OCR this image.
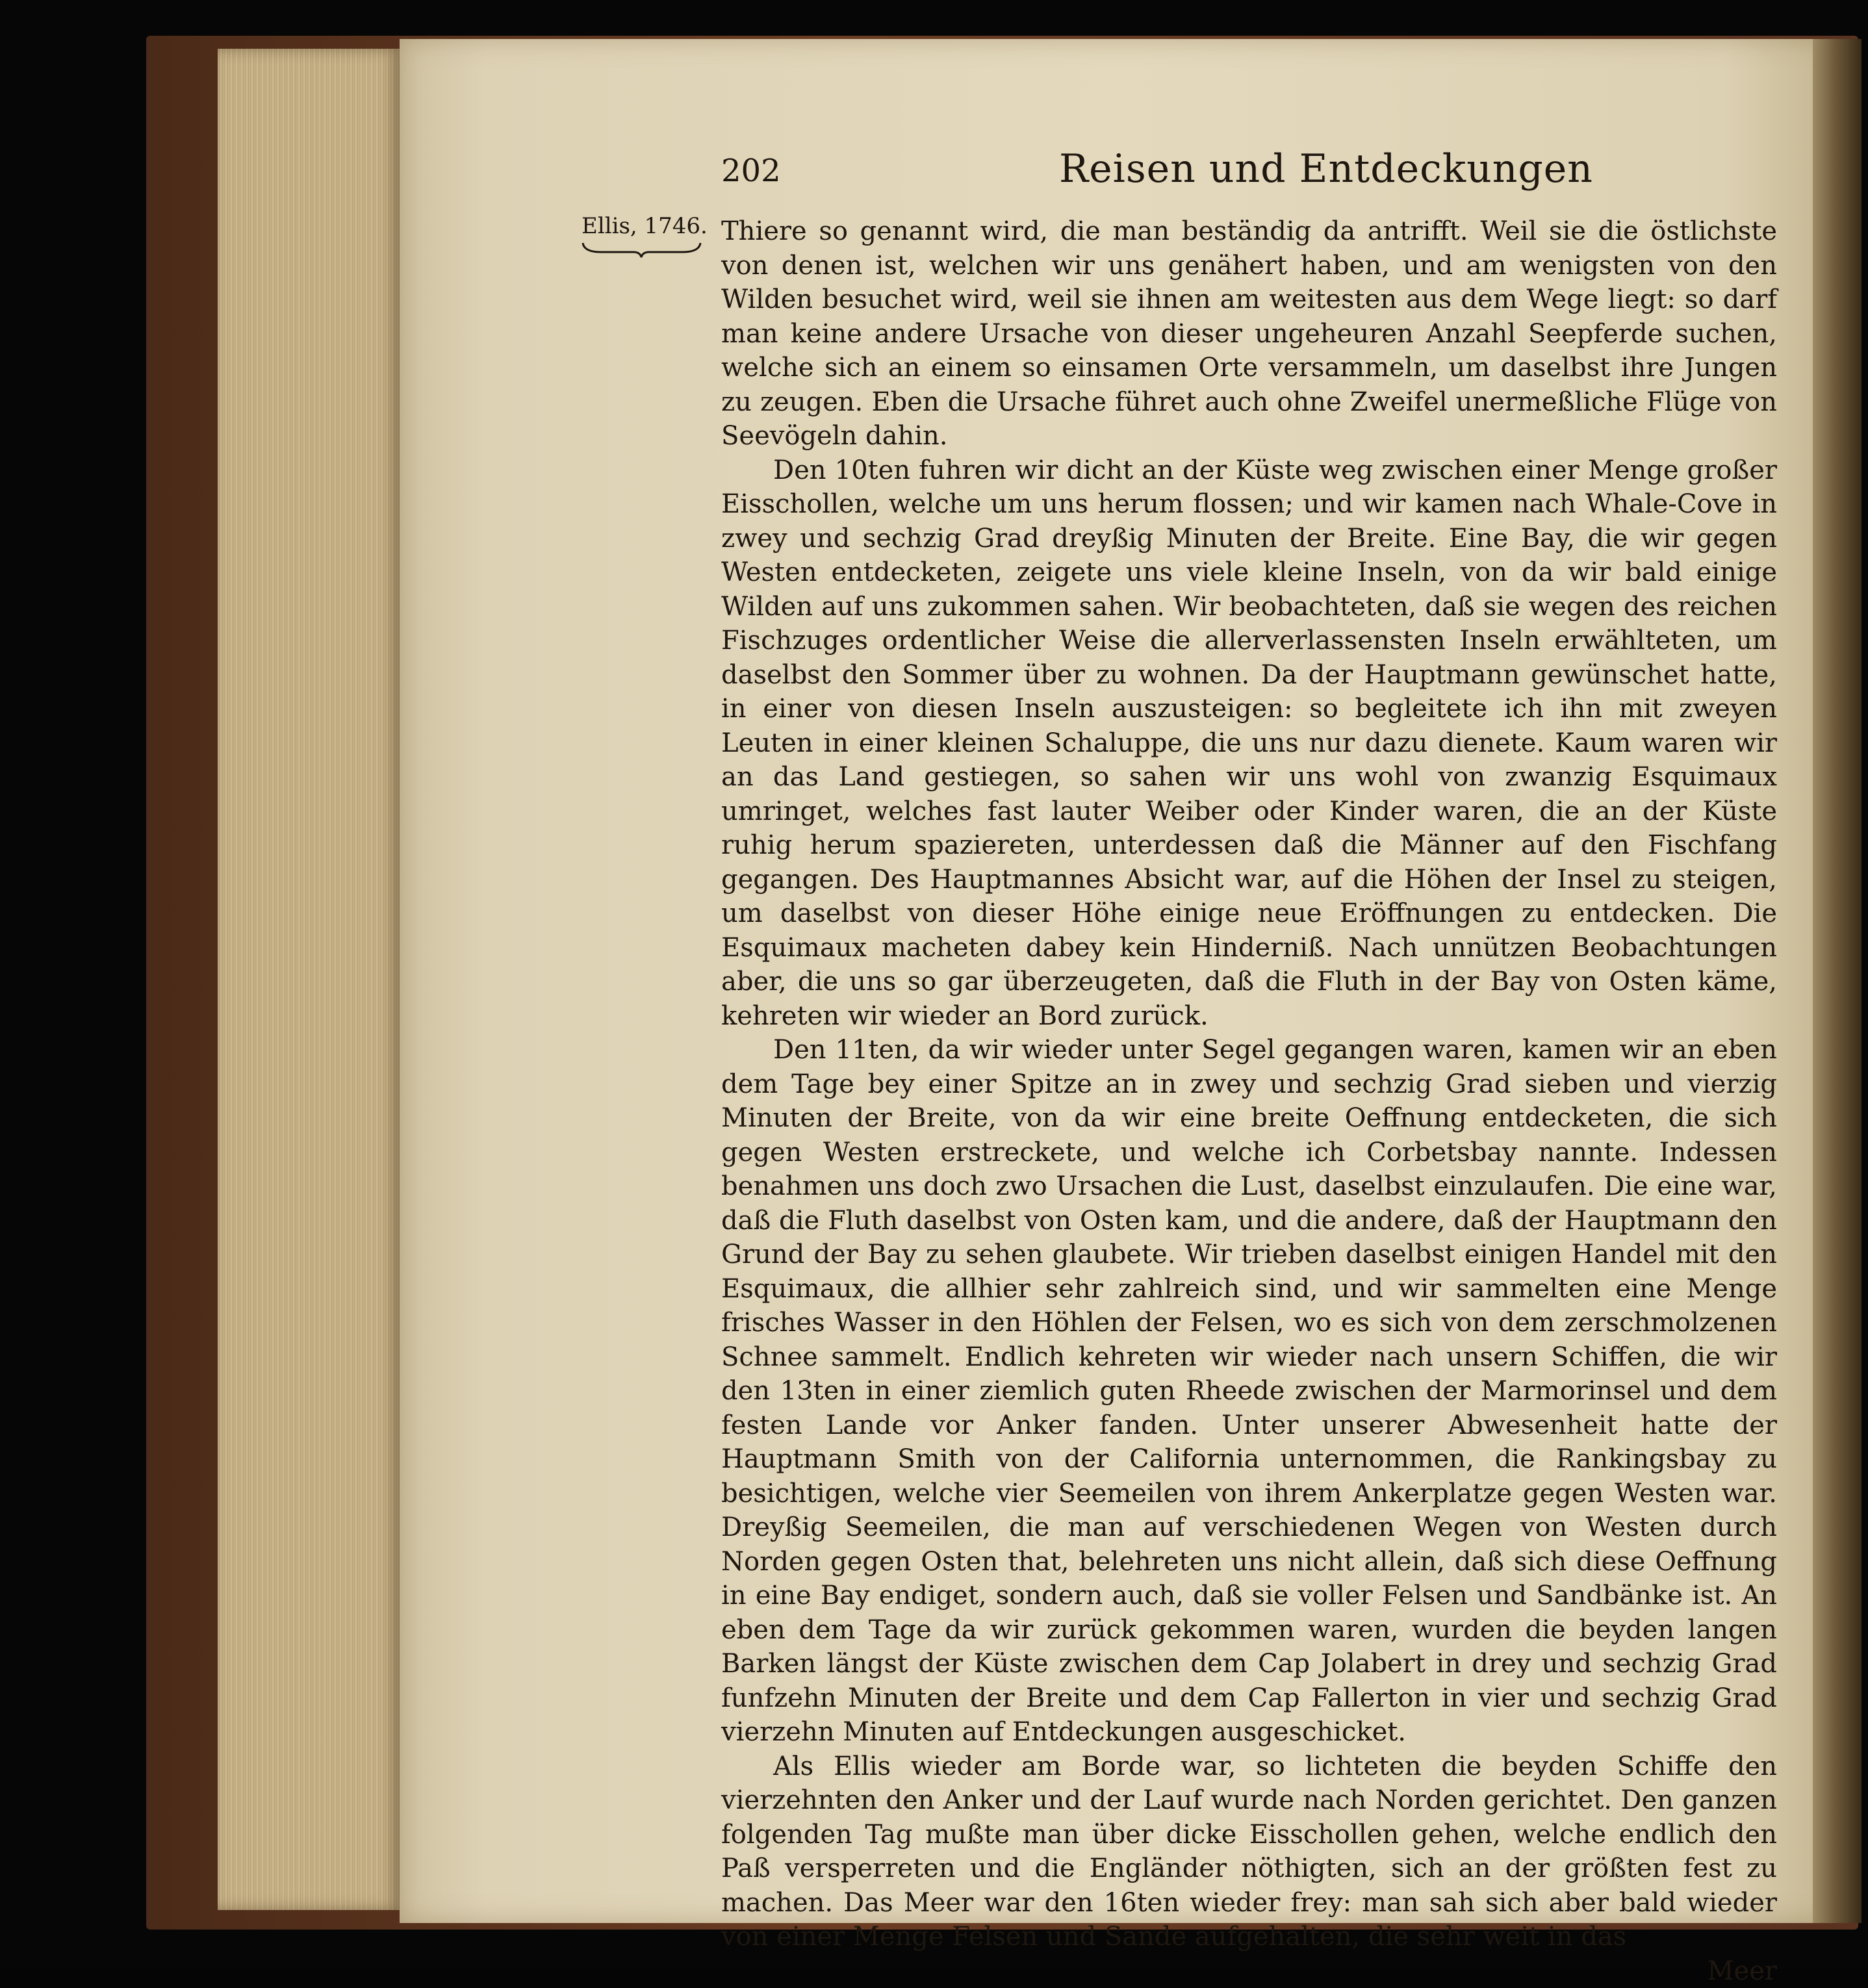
202	Reisen und Entdeckungen
Ellis, 1746. Thiere so genannt wird, die man beständig da antrifft. Weil sie die östlichste von denen ist, welchen wir uns genähert haben, und am wenigsten von den Wilden besuchet wird, weil sie ihnen am weitesten aus dem Wege liegt: so darf man keine andere Ursache von dieser ungeheuren Anzahl Seepferde suchen, welche sich an einem so einsamen Orte versammeln, um daselbst ihre Jungen zu zeugen. Eben die Ursache führet auch ohne Zweifel unermeßliche Flüge von Seevögeln dahin.

Den 10ten fuhren wir dicht an der Küste weg zwischen einer Menge großer Eisschollen, welche um uns herum flossen; und wir kamen nach Whale-Cove in zwey und sechzig Grad dreyßig Minuten der Breite. Eine Bay, die wir gegen Westen entdecketen, zeigete uns viele kleine Inseln, von da wir bald einige Wilden auf uns zukommen sahen. Wir beobachteten, daß sie wegen des reichen Fischzuges ordentlicher Weise die allerverlassensten Inseln erwählteten, um daselbst den Sommer über zu wohnen. Da der Hauptmann gewünschet hatte, in einer von diesen Inseln auszusteigen: so begleitete ich ihn mit zweyen Leuten in einer kleinen Schaluppe, die uns nur dazu dienete. Kaum waren wir an das Land gestiegen, so sahen wir uns wohl von zwanzig Esquimaux umringet, welches fast lauter Weiber oder Kinder waren, die an der Küste ruhig herum spaziereten, unterdessen daß die Männer auf den Fischfang gegangen. Des Hauptmannes Absicht war, auf die Höhen der Insel zu steigen, um daselbst von dieser Höhe einige neue Eröffnungen zu entdecken. Die Esquimaux macheten dabey kein Hinderniß. Nach unnützen Beobachtungen aber, die uns so gar überzeugeten, daß die Fluth in der Bay von Osten käme, kehreten wir wieder an Bord zurück.

Den 11ten, da wir wieder unter Segel gegangen waren, kamen wir an eben dem Tage bey einer Spitze an in zwey und sechzig Grad sieben und vierzig Minuten der Breite, von da wir eine breite Oeffnung entdecketen, die sich gegen Westen erstreckete, und welche ich Corbetsbay nannte. Indessen benahmen uns doch zwo Ursachen die Lust, daselbst einzulaufen. Die eine war, daß die Fluth daselbst von Osten kam, und die andere, daß der Hauptmann den Grund der Bay zu sehen glaubete. Wir trieben daselbst einigen Handel mit den Esquimaux, die allhier sehr zahlreich sind, und wir sammelten eine Menge frisches Wasser in den Höhlen der Felsen, wo es sich von dem zerschmolzenen Schnee sammelt. Endlich kehreten wir wieder nach unsern Schiffen, die wir den 13ten in einer ziemlich guten Rheede zwischen der Marmorinsel und dem festen Lande vor Anker fanden. Unter unserer Abwesenheit hatte der Hauptmann Smith von der California unternommen, die Rankingsbay zu besichtigen, welche vier Seemeilen von ihrem Ankerplatze gegen Westen war. Dreyßig Seemeilen, die man auf verschiedenen Wegen von Westen durch Norden gegen Osten that, belehreten uns nicht allein, daß sich diese Oeffnung in eine Bay endiget, sondern auch, daß sie voller Felsen und Sandbänke ist. An eben dem Tage da wir zurück gekommen waren, wurden die beyden langen Barken längst der Küste zwischen dem Cap Jolabert in drey und sechzig Grad funfzehn Minuten der Breite und dem Cap Fallerton in vier und sechzig Grad vierzehn Minuten auf Entdeckungen ausgeschicket.

Als Ellis wieder am Borde war, so lichteten die beyden Schiffe den vierzehnten den Anker und der Lauf wurde nach Norden gerichtet. Den ganzen folgenden Tag mußte man über dicke Eisschollen gehen, welche endlich den Paß versperreten und die Engländer nöthigten, sich an der größten fest zu machen. Das Meer war den 16ten wieder frey: man sah sich aber bald wieder von einer Menge Felsen und Sande aufgehalten, die sehr weit in das

Meer
